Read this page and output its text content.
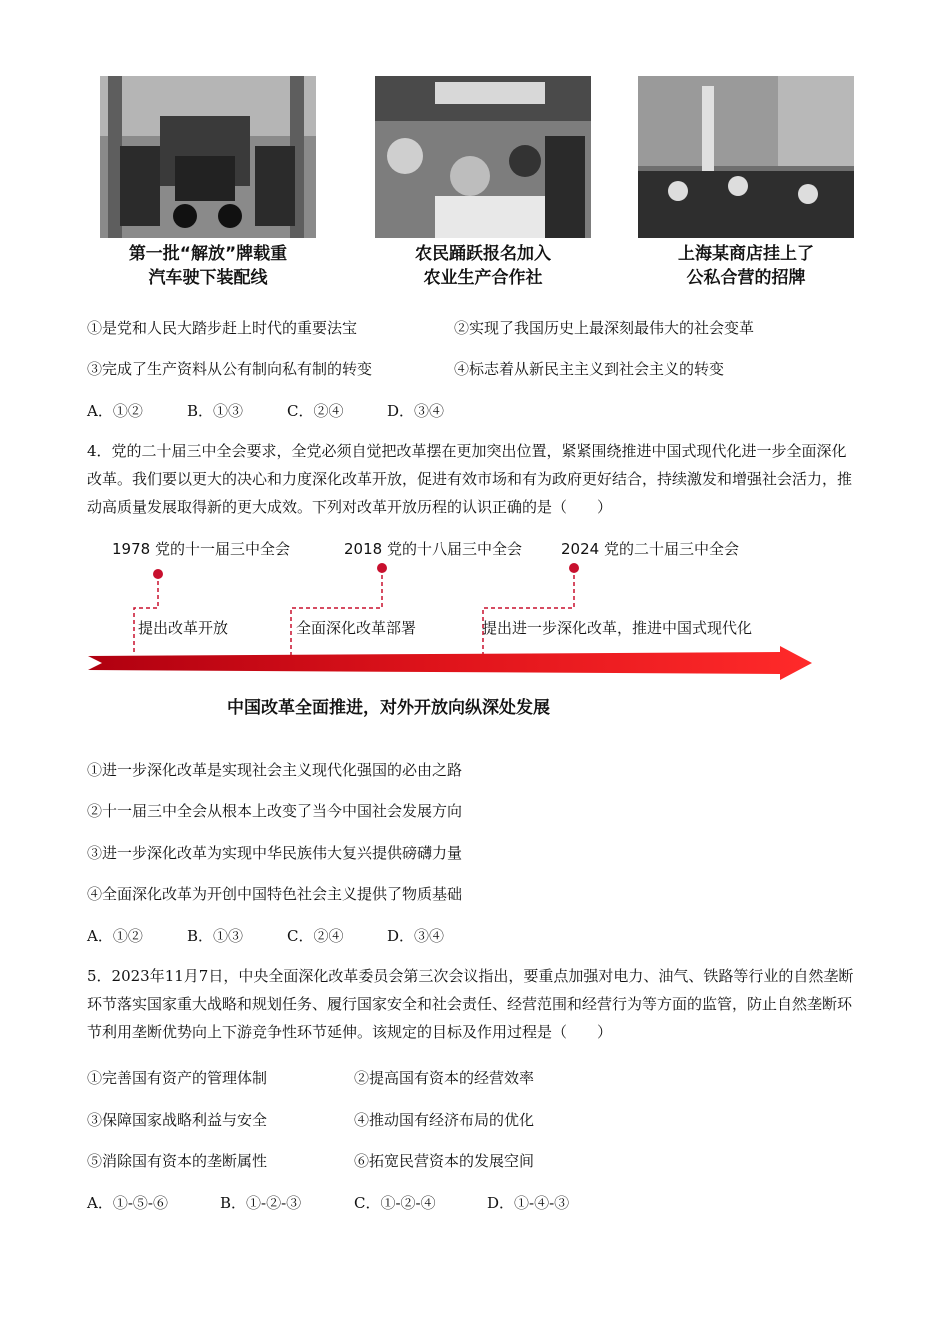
第一批“解放”牌载重
汽车驶下装配线
农民踊跃报名加入
农业生产合作社
上海某商店挂上了
公私合营的招牌
①是党和人民大踏步赶上时代的重要法宝	②实现了我国历史上最深刻最伟大的社会变革
③完成了生产资料从公有制向私有制的转变	④标志着从新民主主义到社会主义的转变
A．①②	B．①③	C．②④	D．③④
4．党的二十届三中全会要求，全党必须自觉把改革摆在更加突出位置，紧紧围绕推进中国式现代化进一步全面深化改革。我们要以更大的决心和力度深化改革开放，促进有效市场和有为政府更好结合，持续激发和增强社会活力，推动高质量发展取得新的更大成效。下列对改革开放历程的认识正确的是（　　）
1978 党的十一届三中全会	2018 党的十八届三中全会	2024 党的二十届三中全会
提出改革开放	全面深化改革部署	提出进一步深化改革，推进中国式现代化
中国改革全面推进，对外开放向纵深处发展
①进一步深化改革是实现社会主义现代化强国的必由之路
②十一届三中全会从根本上改变了当今中国社会发展方向
③进一步深化改革为实现中华民族伟大复兴提供磅礴力量
④全面深化改革为开创中国特色社会主义提供了物质基础
A．①②	B．①③	C．②④	D．③④
5．2023年11月7日，中央全面深化改革委员会第三次会议指出，要重点加强对电力、油气、铁路等行业的自然垄断环节落实国家重大战略和规划任务、履行国家安全和社会责任、经营范围和经营行为等方面的监管，防止自然垄断环节利用垄断优势向上下游竞争性环节延伸。该规定的目标及作用过程是（　　）
①完善国有资产的管理体制	②提高国有资本的经营效率
③保障国家战略利益与安全	④推动国有经济布局的优化
⑤消除国有资本的垄断属性	⑥拓宽民营资本的发展空间
A．①-⑤-⑥	B．①-②-③	C．①-②-④	D．①-④-③
